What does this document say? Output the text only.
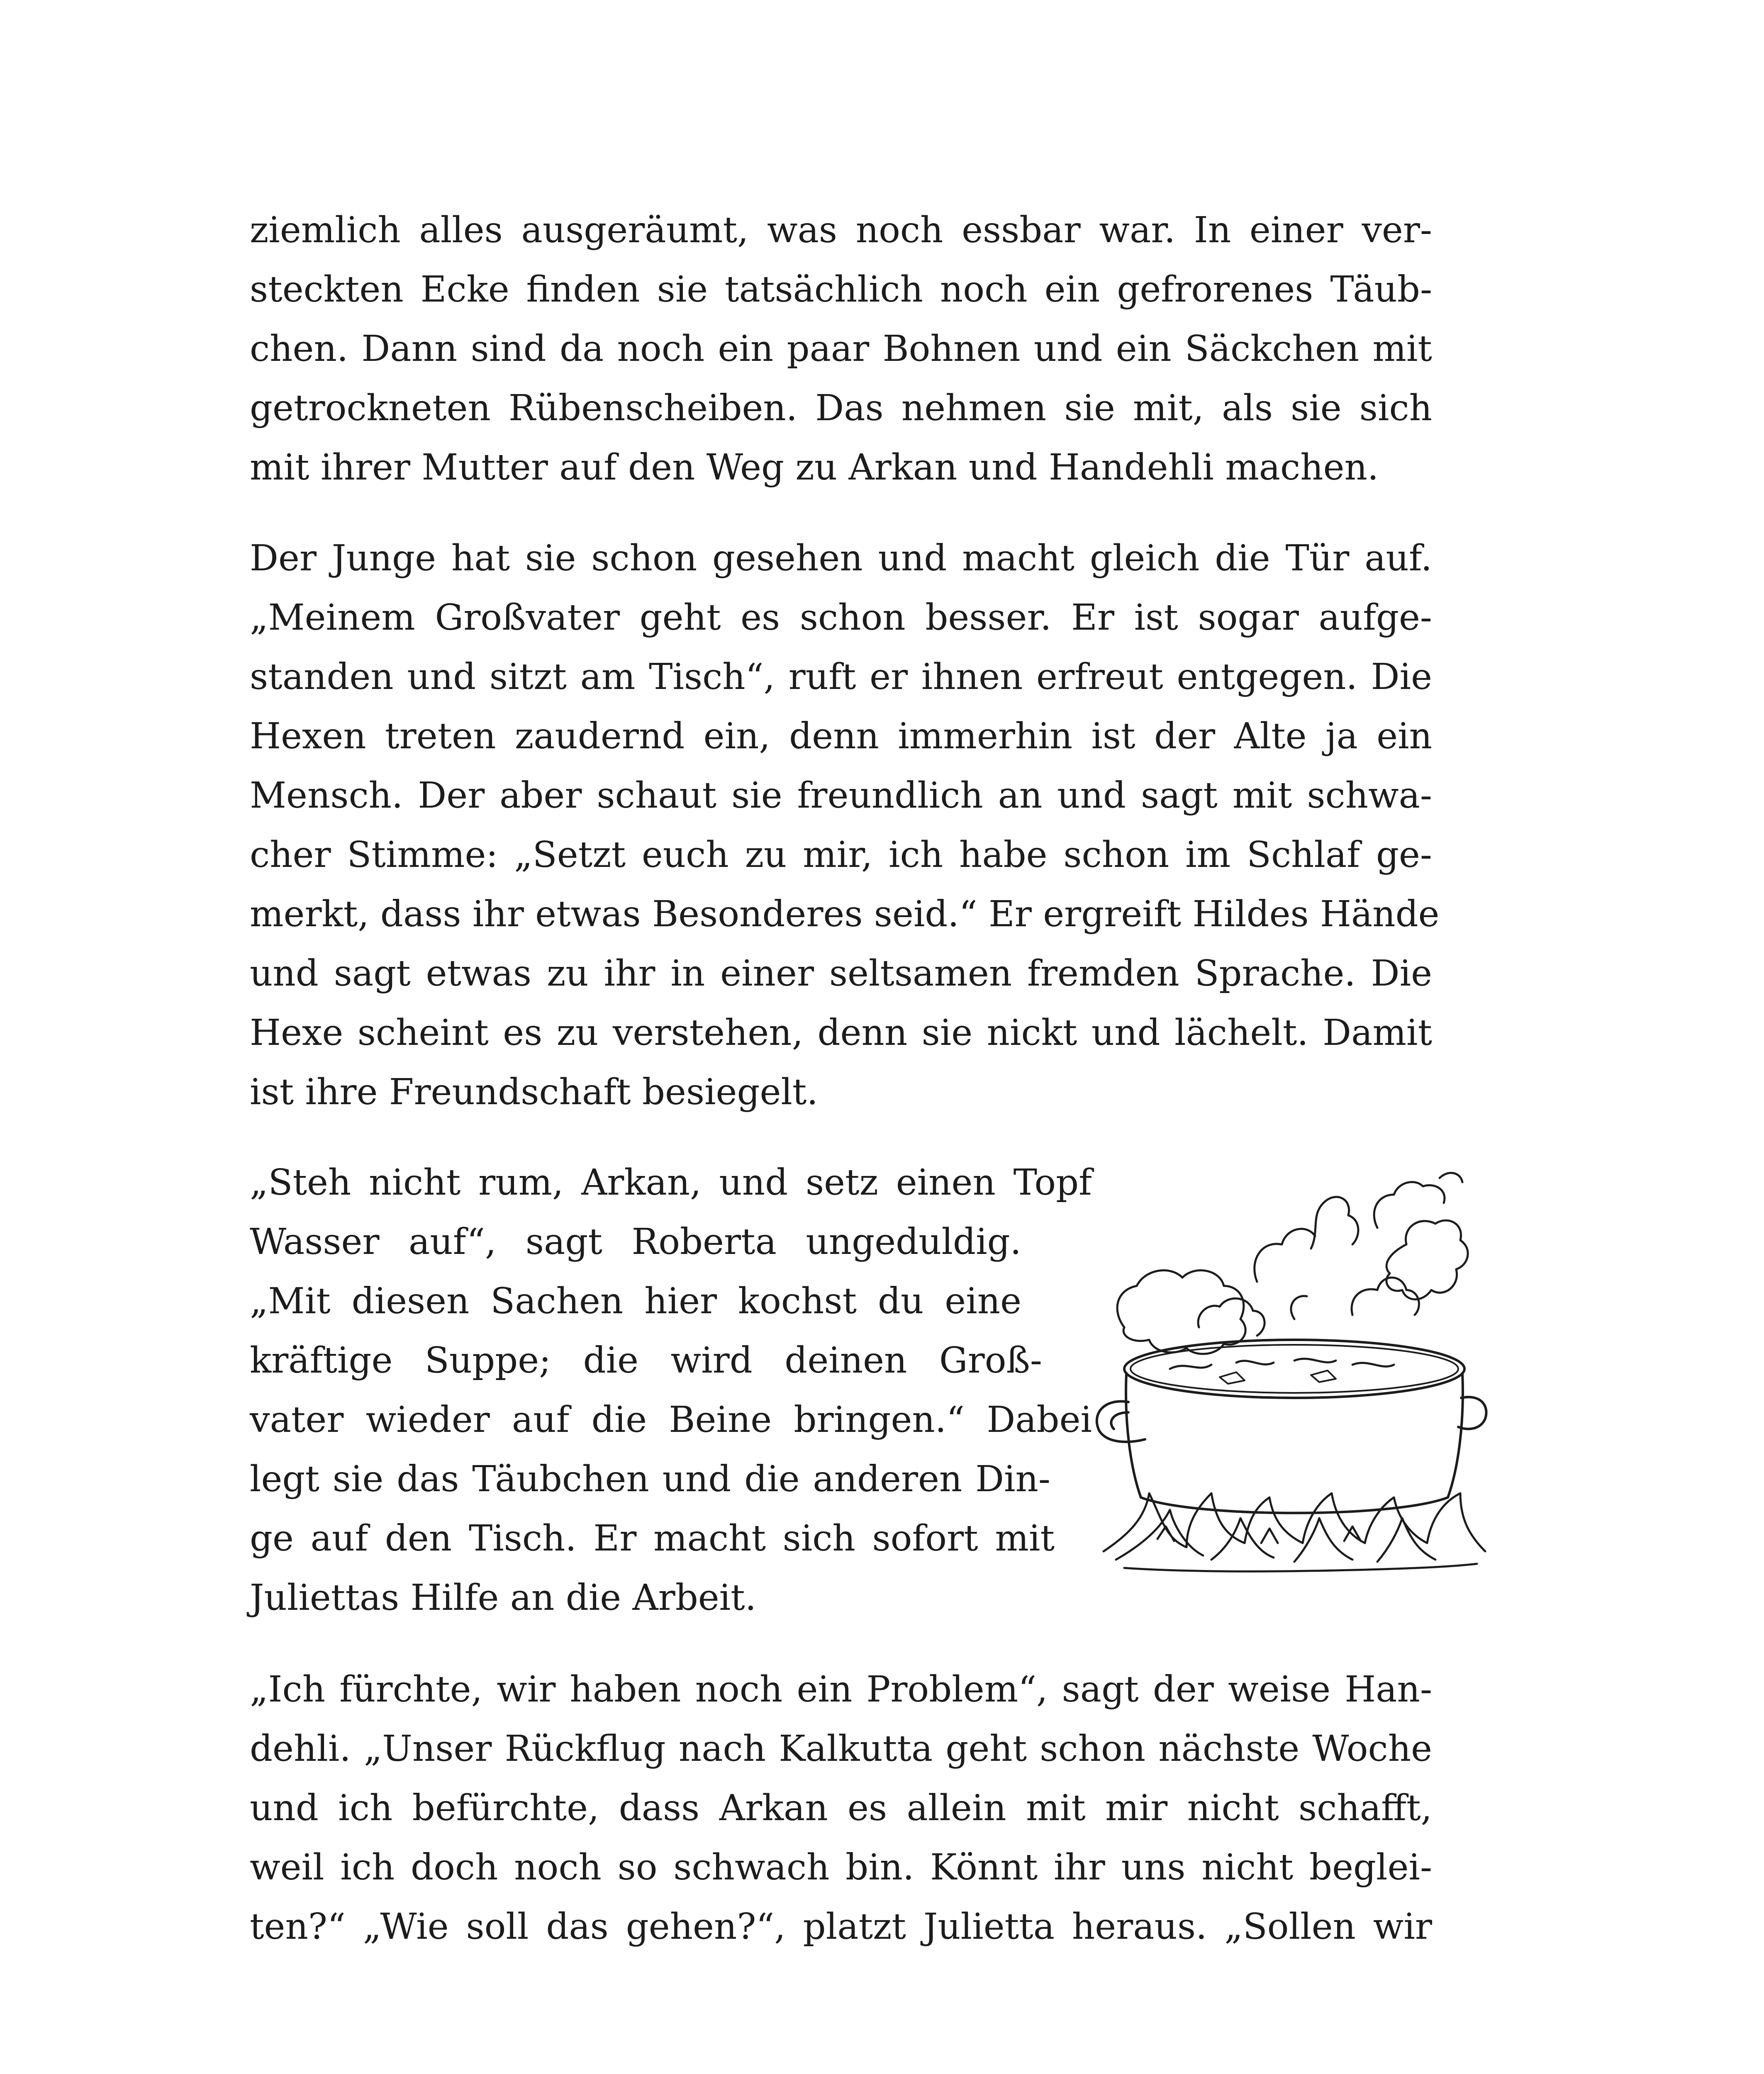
ziemlich alles ausgeräumt, was noch essbar war. In einer ver-
steckten Ecke finden sie tatsächlich noch ein gefrorenes Täub-
chen. Dann sind da noch ein paar Bohnen und ein Säckchen mit
getrockneten Rübenscheiben. Das nehmen sie mit, als sie sich
mit ihrer Mutter auf den Weg zu Arkan und Handehli machen.
Der Junge hat sie schon gesehen und macht gleich die Tür auf.
„Meinem Großvater geht es schon besser. Er ist sogar aufge-
standen und sitzt am Tisch“, ruft er ihnen erfreut entgegen. Die
Hexen treten zaudernd ein, denn immerhin ist der Alte ja ein
Mensch. Der aber schaut sie freundlich an und sagt mit schwa-
cher Stimme: „Setzt euch zu mir, ich habe schon im Schlaf ge-
merkt, dass ihr etwas Besonderes seid.“ Er ergreift Hildes Hände
und sagt etwas zu ihr in einer seltsamen fremden Sprache. Die
Hexe scheint es zu verstehen, denn sie nickt und lächelt. Damit
ist ihre Freundschaft besiegelt.
„Steh nicht rum, Arkan, und setz einen Topf
Wasser auf“, sagt Roberta ungeduldig.
„Mit diesen Sachen hier kochst du eine
kräftige Suppe; die wird deinen Groß-
vater wieder auf die Beine bringen.“ Dabei
legt sie das Täubchen und die anderen Din-
ge auf den Tisch. Er macht sich sofort mit
Juliettas Hilfe an die Arbeit.
„Ich fürchte, wir haben noch ein Problem“, sagt der weise Han-
dehli. „Unser Rückflug nach Kalkutta geht schon nächste Woche
und ich befürchte, dass Arkan es allein mit mir nicht schafft,
weil ich doch noch so schwach bin. Könnt ihr uns nicht beglei-
ten?“ „Wie soll das gehen?“, platzt Julietta heraus. „Sollen wir
